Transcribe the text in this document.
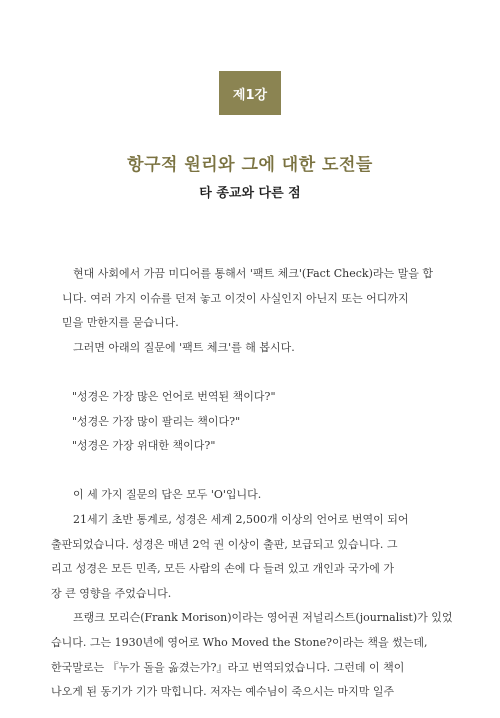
제1강
항구적 원리와 그에 대한 도전들
타 종교와 다른 점

현대 사회에서 가끔 미디어를 통해서 '팩트 체크'(Fact Check)라는 말을 합
니다. 여러 가지 이슈를 던져 놓고 이것이 사실인지 아닌지 또는 어디까지
믿을 만한지를 묻습니다.

그러면 아래의 질문에 '팩트 체크'를 해 봅시다.

"성경은 가장 많은 언어로 번역된 책이다?"

"성경은 가장 많이 팔리는 책이다?"

"성경은 가장 위대한 책이다?"

이 세 가지 질문의 답은 모두 'O'입니다.

21세기 초반 통계로, 성경은 세계 2,500개 이상의 언어로 번역이 되어
출판되었습니다. 성경은 매년 2억 권 이상이 출판, 보급되고 있습니다. 그
리고 성경은 모든 민족, 모든 사람의 손에 다 들려 있고 개인과 국가에 가
장 큰 영향을 주었습니다.

프랭크 모리슨(Frank Morison)이라는 영어권 저널리스트(journalist)가 있었
습니다. 그는 1930년에 영어로 Who Moved the Stone?이라는 책을 썼는데,
한국말로는 『누가 돌을 옮겼는가?』라고 번역되었습니다. 그런데 이 책이
나오게 된 동기가 기가 막힙니다. 저자는 예수님이 죽으시는 마지막 일주
